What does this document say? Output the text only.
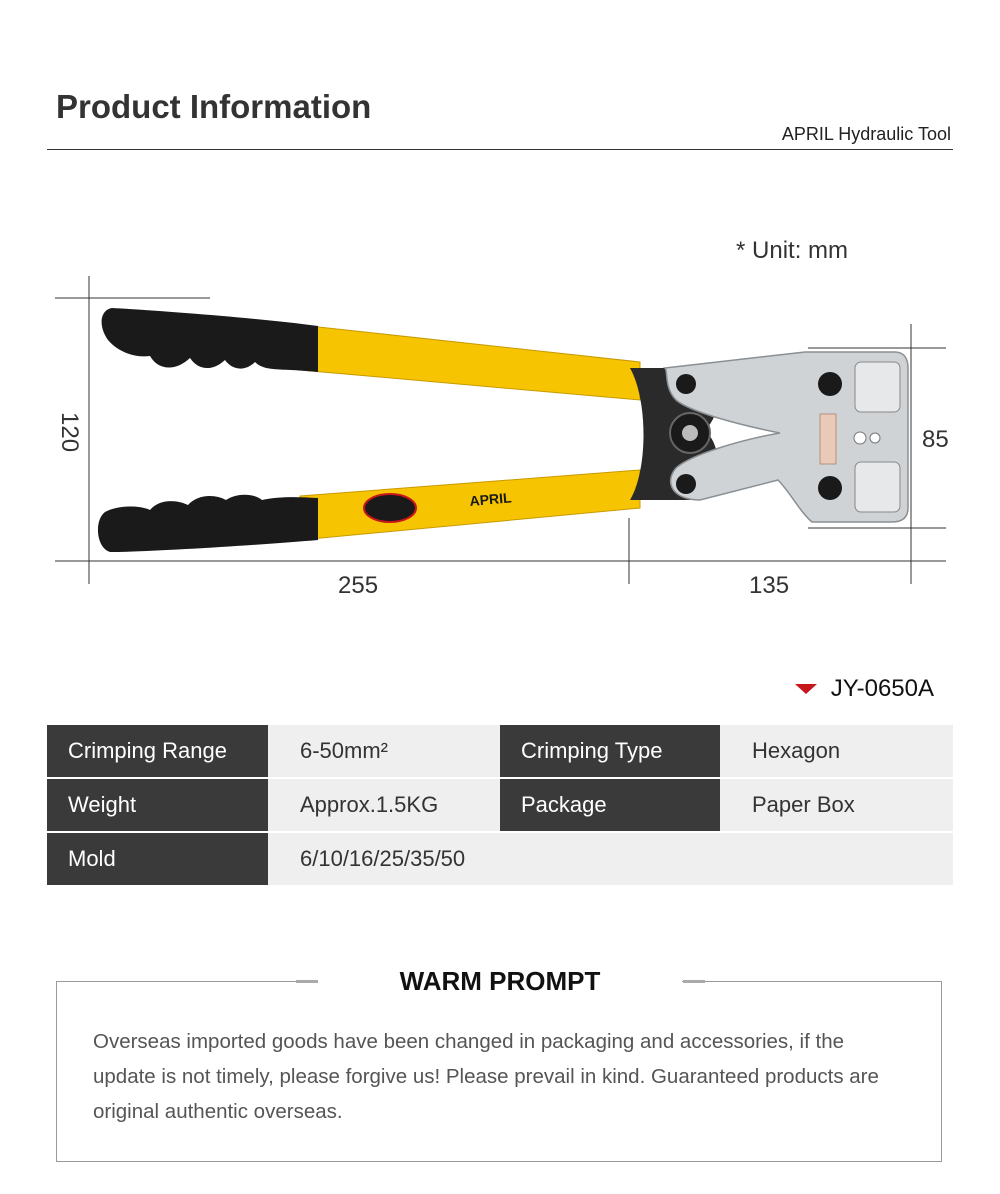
Product Information
APRIL Hydraulic Tool
* Unit: mm
APRIL
120
255	135
85
JY-0650A
Crimping Range	6-50mm²	Crimping Type	Hexagon
Weight	Approx.1.5KG	Package	Paper Box
Mold	6/10/16/25/35/50
WARM PROMPT
Overseas imported goods have been changed in packaging and accessories, if the update is not timely, please forgive us! Please prevail in kind. Guaranteed products are original authentic overseas.
